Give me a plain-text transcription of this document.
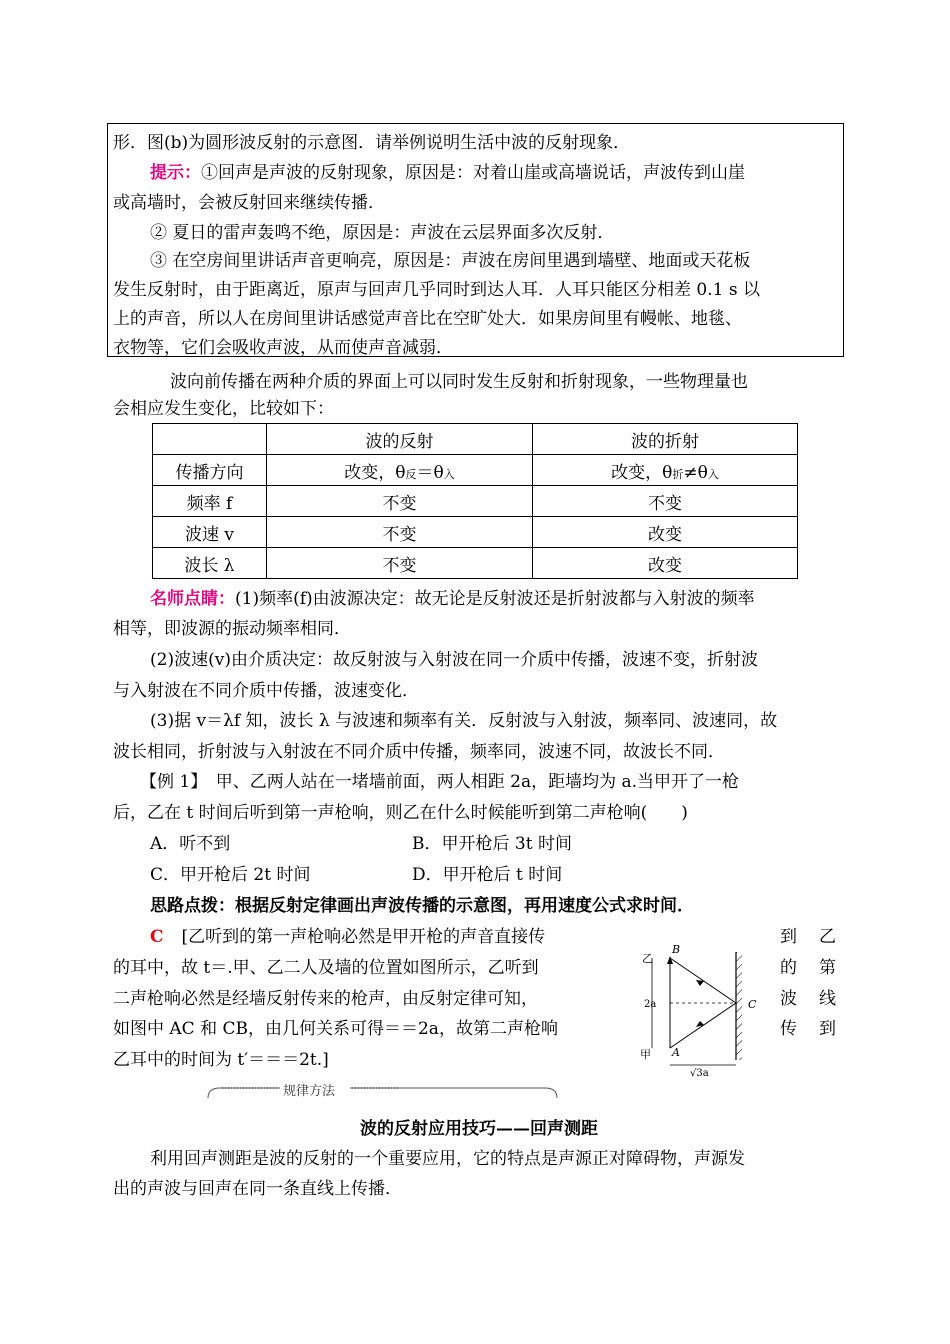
形．图(b)为圆形波反射的示意图．请举例说明生活中波的反射现象．
提示：①回声是声波的反射现象，原因是：对着山崖或高墙说话，声波传到山崖
或高墙时，会被反射回来继续传播．
② 夏日的雷声轰鸣不绝，原因是：声波在云层界面多次反射．
③ 在空房间里讲话声音更响亮，原因是：声波在房间里遇到墙壁、地面或天花板
发生反射时，由于距离近，原声与回声几乎同时到达人耳．人耳只能区分相差 0.1 s 以
上的声音，所以人在房间里讲话感觉声音比在空旷处大．如果房间里有幔帐、地毯、
衣物等，它们会吸收声波，从而使声音减弱．
波向前传播在两种介质的界面上可以同时发生反射和折射现象，一些物理量也
会相应发生变化，比较如下：
	波的反射	波的折射
传播方向	改变，θ反＝θ入	改变，θ折≠θ入
频率 f	不变	不变
波速 v	不变	改变
波长 λ	不变	改变
名师点睛：(1)频率(f)由波源决定：故无论是反射波还是折射波都与入射波的频率
相等，即波源的振动频率相同．
(2)波速(v)由介质决定：故反射波与入射波在同一介质中传播，波速不变，折射波
与入射波在不同介质中传播，波速变化．
(3)据 v＝λf 知，波长 λ 与波速和频率有关．反射波与入射波，频率同、波速同，故
波长相同，折射波与入射波在不同介质中传播，频率同，波速不同，故波长不同．
【例 1】　甲、乙两人站在一堵墙前面，两人相距 2a，距墙均为 a.当甲开了一枪
后，乙在 t 时间后听到第一声枪响，则乙在什么时候能听到第二声枪响(　　)
A．听不到	B．甲开枪后 3t 时间
C．甲开枪后 2t 时间	D．甲开枪后 t 时间
思路点拨：根据反射定律画出声波传播的示意图，再用速度公式求时间．
C [乙听到的第一声枪响必然是甲开枪的声音直接传
的耳中，故 t＝.甲、乙二人及墙的位置如图所示，乙听到
二声枪响必然是经墙反射传来的枪声，由反射定律可知，
如图中 AC 和 CB，由几何关系可得＝＝2a，故第二声枪响
乙耳中的时间为 t′＝＝＝2t.]
到 乙
的 第
波 线
传 到
乙
B
甲 A
C
2a
√3a
规律方法
波的反射应用技巧——回声测距
利用回声测距是波的反射的一个重要应用，它的特点是声源正对障碍物，声源发
出的声波与回声在同一条直线上传播．
